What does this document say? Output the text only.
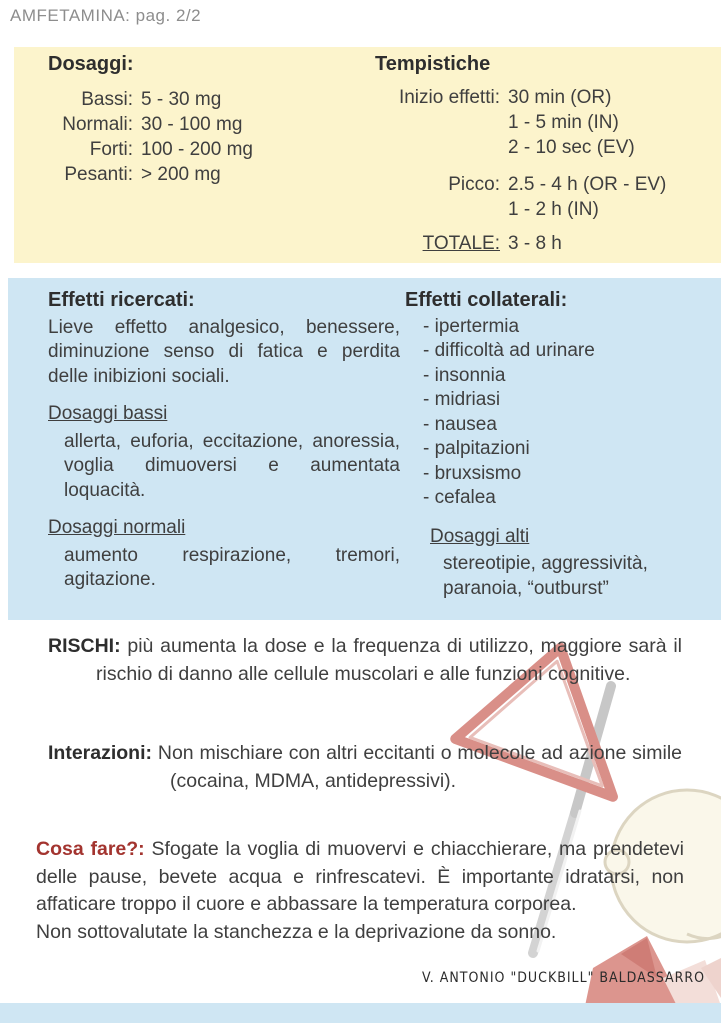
AMFETAMINA: pag. 2/2
Dosaggi:
Bassi: 5 - 30 mg
Normali: 30 - 100 mg
Forti: 100 - 200 mg
Pesanti: > 200 mg
Tempistiche
Inizio effetti: 30 min (OR)
1 - 5 min (IN)
2 - 10 sec (EV)
Picco: 2.5 - 4 h (OR - EV)
1 - 2 h (IN)
TOTALE: 3 - 8 h
Effetti ricercati:

Lieve effetto analgesico, benessere, diminuzione senso di fatica e perdita delle inibizioni sociali.

Dosaggi bassi

allerta, euforia, eccitazione, anoressia, voglia dimuoversi e aumentata loquacità.

Dosaggi normali

aumento respirazione, tremori, agitazione.

Effetti collaterali:
- ipertermia
- difficoltà ad urinare
- insonnia
- midriasi
- nausea
- palpitazioni
- bruxsismo
- cefalea
Dosaggi alti

stereotipie, aggressività, paranoia, “outburst”

RISCHI: più aumenta la dose e la frequenza di utilizzo, maggiore sarà il rischio di danno alle cellule muscolari e alle funzioni cognitive.

Interazioni: Non mischiare con altri eccitanti o molecole ad azione simile (cocaina, MDMA, antidepressivi).

Cosa fare?: Sfogate la voglia di muovervi e chiacchierare, ma prendetevi delle pause, bevete acqua e rinfrescatevi. È importante idratarsi, non affaticare troppo il cuore e abbassare la temperatura corporea.

Non sottovalutate la stanchezza e la deprivazione da sonno.

V. ANTONIO "DUCKBILL" BALDASSARRO
